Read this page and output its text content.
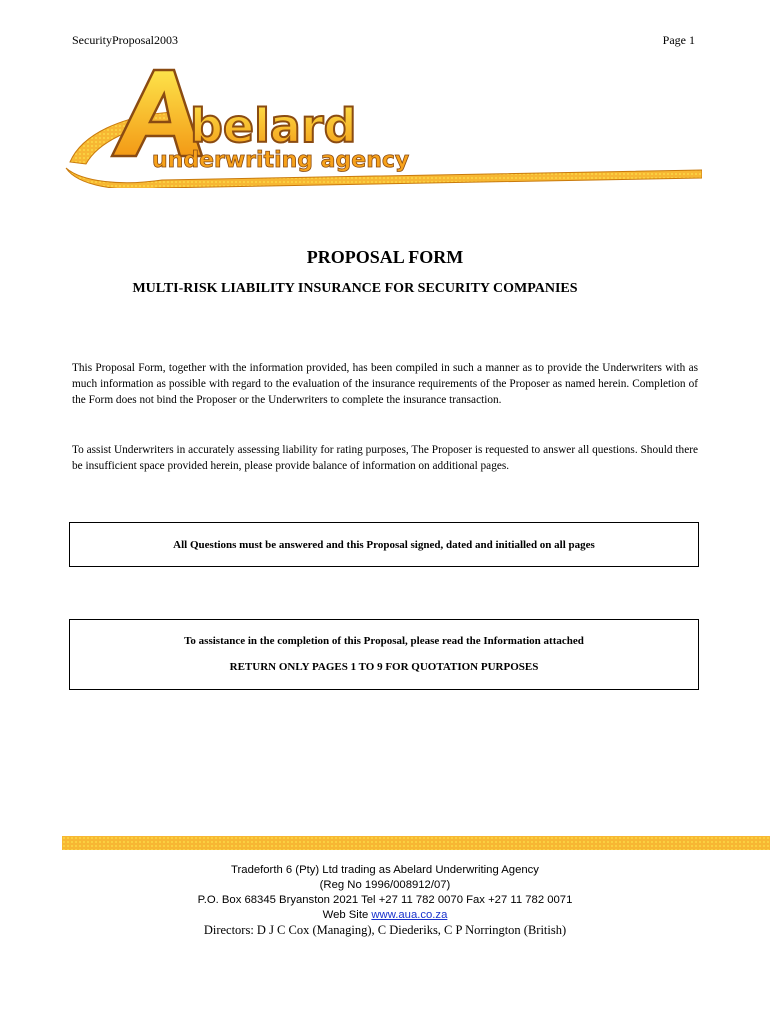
SecurityProposal2003	Page 1
belard
underwriting agency
PROPOSAL FORM
MULTI-RISK LIABILITY INSURANCE FOR SECURITY COMPANIES
This Proposal Form, together with the information provided, has been compiled in such a manner as to provide the Underwriters with as much information as possible with regard to the evaluation of the insurance requirements of the Proposer as named herein. Completion of the Form does not bind the Proposer or the Underwriters to complete the insurance transaction.
To assist Underwriters in accurately assessing liability for rating purposes, The Proposer is requested to answer all questions. Should there be insufficient space provided herein, please provide balance of information on additional pages.
All Questions must be answered and this Proposal signed, dated and initialled on all pages
To assistance in the completion of this Proposal, please read the Information attached
RETURN ONLY PAGES 1 TO 9 FOR QUOTATION PURPOSES
Tradeforth 6 (Pty) Ltd trading as Abelard Underwriting Agency
(Reg No 1996/008912/07)
P.O. Box 68345 Bryanston 2021 Tel +27 11 782 0070 Fax +27 11 782 0071
Web Site www.aua.co.za
Directors: D J C Cox (Managing), C Diederiks, C P Norrington (British)
